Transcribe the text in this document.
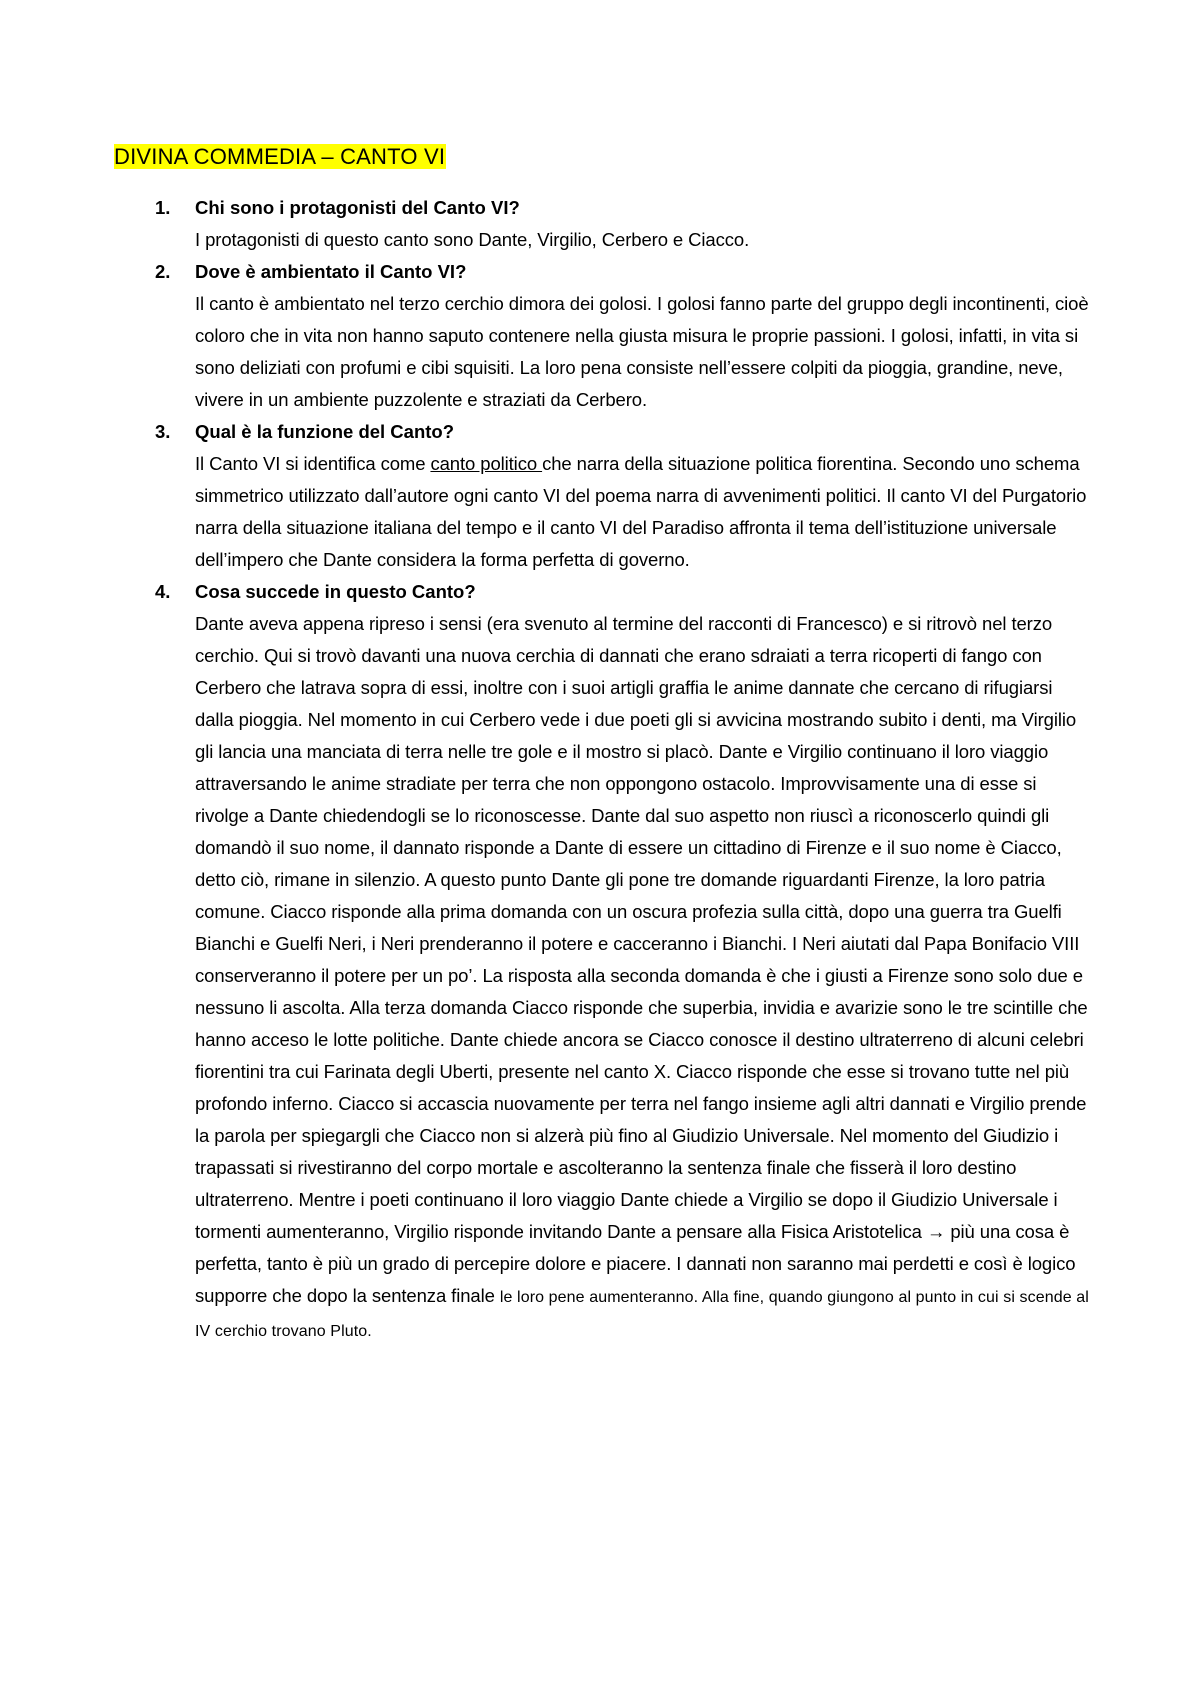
DIVINA COMMEDIA – CANTO VI
1.	Chi sono i protagonisti del Canto VI?

I protagonisti di questo canto sono Dante, Virgilio, Cerbero e Ciacco.

2.	Dove è ambientato il Canto VI?

Il canto è ambientato nel terzo cerchio dimora dei golosi. I golosi fanno parte del gruppo degli incontinenti, cioè coloro che in vita non hanno saputo contenere nella giusta misura le proprie passioni. I golosi, infatti, in vita si sono deliziati con profumi e cibi squisiti. La loro pena consiste nell’essere colpiti da pioggia, grandine, neve, vivere in un ambiente puzzolente e straziati da Cerbero.

3.	Qual è la funzione del Canto?

Il Canto VI si identifica come canto politico che narra della situazione politica fiorentina. Secondo uno schema simmetrico utilizzato dall’autore ogni canto VI del poema narra di avvenimenti politici. Il canto VI del Purgatorio narra della situazione italiana del tempo e il canto VI del Paradiso affronta il tema dell’istituzione universale dell’impero che Dante considera la forma perfetta di governo.

4.	Cosa succede in questo Canto?

Dante aveva appena ripreso i sensi (era svenuto al termine del racconti di Francesco) e si ritrovò nel terzo cerchio. Qui si trovò davanti una nuova cerchia di dannati che erano sdraiati a terra ricoperti di fango con Cerbero che latrava sopra di essi, inoltre con i suoi artigli graffia le anime dannate che cercano di rifugiarsi dalla pioggia. Nel momento in cui Cerbero vede i due poeti gli si avvicina mostrando subito i denti, ma Virgilio gli lancia una manciata di terra nelle tre gole e il mostro si placò. Dante e Virgilio continuano il loro viaggio attraversando le anime stradiate per terra che non oppongono ostacolo. Improvvisamente una di esse si rivolge a Dante chiedendogli se lo riconoscesse. Dante dal suo aspetto non riuscì a riconoscerlo quindi gli domandò il suo nome, il dannato risponde a Dante di essere un cittadino di Firenze e il suo nome è Ciacco, detto ciò, rimane in silenzio. A questo punto Dante gli pone tre domande riguardanti Firenze, la loro patria comune. Ciacco risponde alla prima domanda con un oscura profezia sulla città, dopo una guerra tra Guelfi Bianchi e Guelfi Neri, i Neri prenderanno il potere e cacceranno i Bianchi. I Neri aiutati dal Papa Bonifacio VIII conserveranno il potere per un po’. La risposta alla seconda domanda è che i giusti a Firenze sono solo due e nessuno li ascolta. Alla terza domanda Ciacco risponde che superbia, invidia e avarizie sono le tre scintille che hanno acceso le lotte politiche. Dante chiede ancora se Ciacco conosce il destino ultraterreno di alcuni celebri fiorentini tra cui Farinata degli Uberti, presente nel canto X. Ciacco risponde che esse si trovano tutte nel più profondo inferno. Ciacco si accascia nuovamente per terra nel fango insieme agli altri dannati e Virgilio prende la parola per spiegargli che Ciacco non si alzerà più fino al Giudizio Universale. Nel momento del Giudizio i trapassati si rivestiranno del corpo mortale e ascolteranno la sentenza finale che fisserà il loro destino ultraterreno. Mentre i poeti continuano il loro viaggio Dante chiede a Virgilio se dopo il Giudizio Universale i tormenti aumenteranno, Virgilio risponde invitando Dante a pensare alla Fisica Aristotelica → più una cosa è perfetta, tanto è più un grado di percepire dolore e piacere. I dannati non saranno mai perdetti e così è logico supporre che dopo la sentenza finale le loro pene aumenteranno. Alla fine, quando giungono al punto in cui si scende al IV cerchio trovano Pluto.
